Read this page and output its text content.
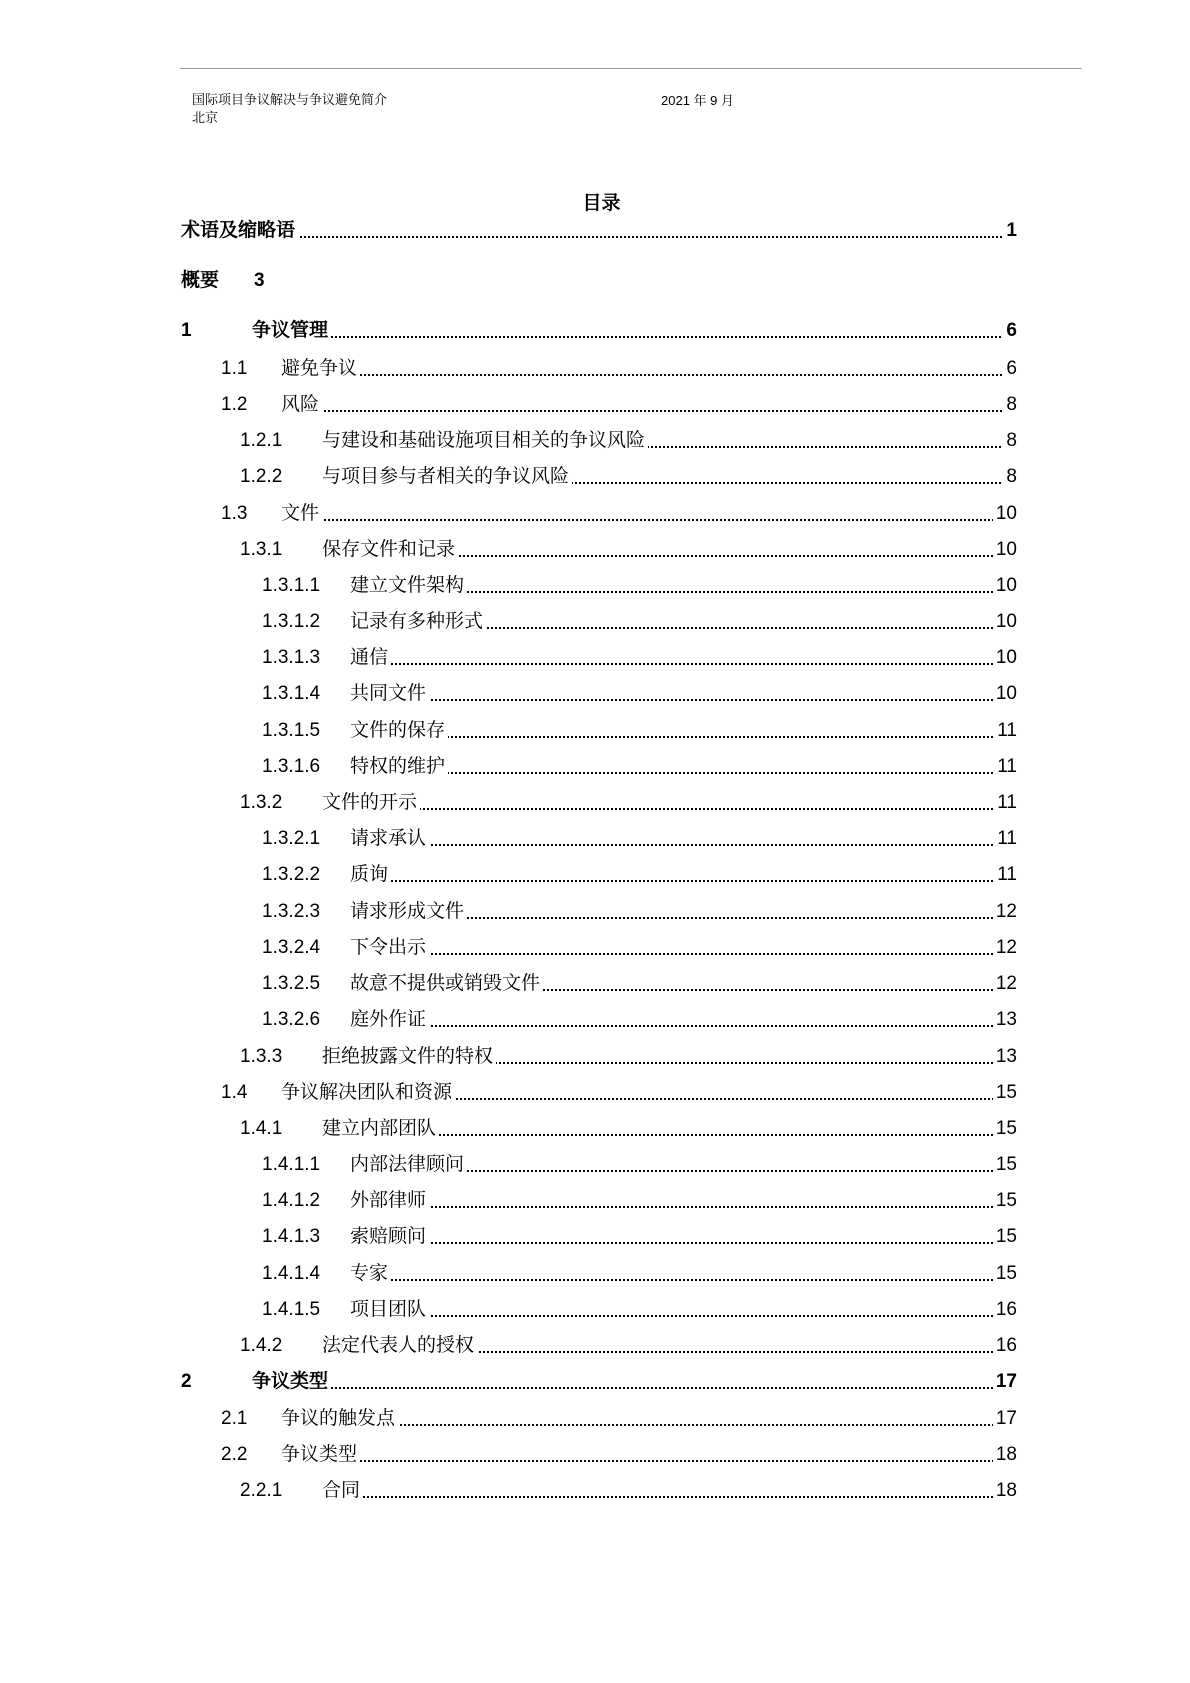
国际项目争议解决与争议避免简介
北京
2021 年 9 月
目录
术语及缩略语	1
概要 3
1	争议管理	6
1.1 避免争议	6
1.2 风险	8
1.2.1 与建设和基础设施项目相关的争议风险	8
1.2.2 与项目参与者相关的争议风险	8
1.3 文件	10
1.3.1 保存文件和记录	10
1.3.1.1 建立文件架构	10
1.3.1.2 记录有多种形式	10
1.3.1.3 通信	10
1.3.1.4 共同文件	10
1.3.1.5 文件的保存	11
1.3.1.6 特权的维护	11
1.3.2 文件的开示	11
1.3.2.1 请求承认	11
1.3.2.2 质询	11
1.3.2.3 请求形成文件	12
1.3.2.4 下令出示	12
1.3.2.5 故意不提供或销毁文件	12
1.3.2.6 庭外作证	13
1.3.3 拒绝披露文件的特权	13
1.4 争议解决团队和资源	15
1.4.1 建立内部团队	15
1.4.1.1 内部法律顾问	15
1.4.1.2 外部律师	15
1.4.1.3 索赔顾问	15
1.4.1.4 专家	15
1.4.1.5 项目团队	16
1.4.2 法定代表人的授权	16
2	争议类型	17
2.1 争议的触发点	17
2.2 争议类型	18
2.2.1 合同	18
